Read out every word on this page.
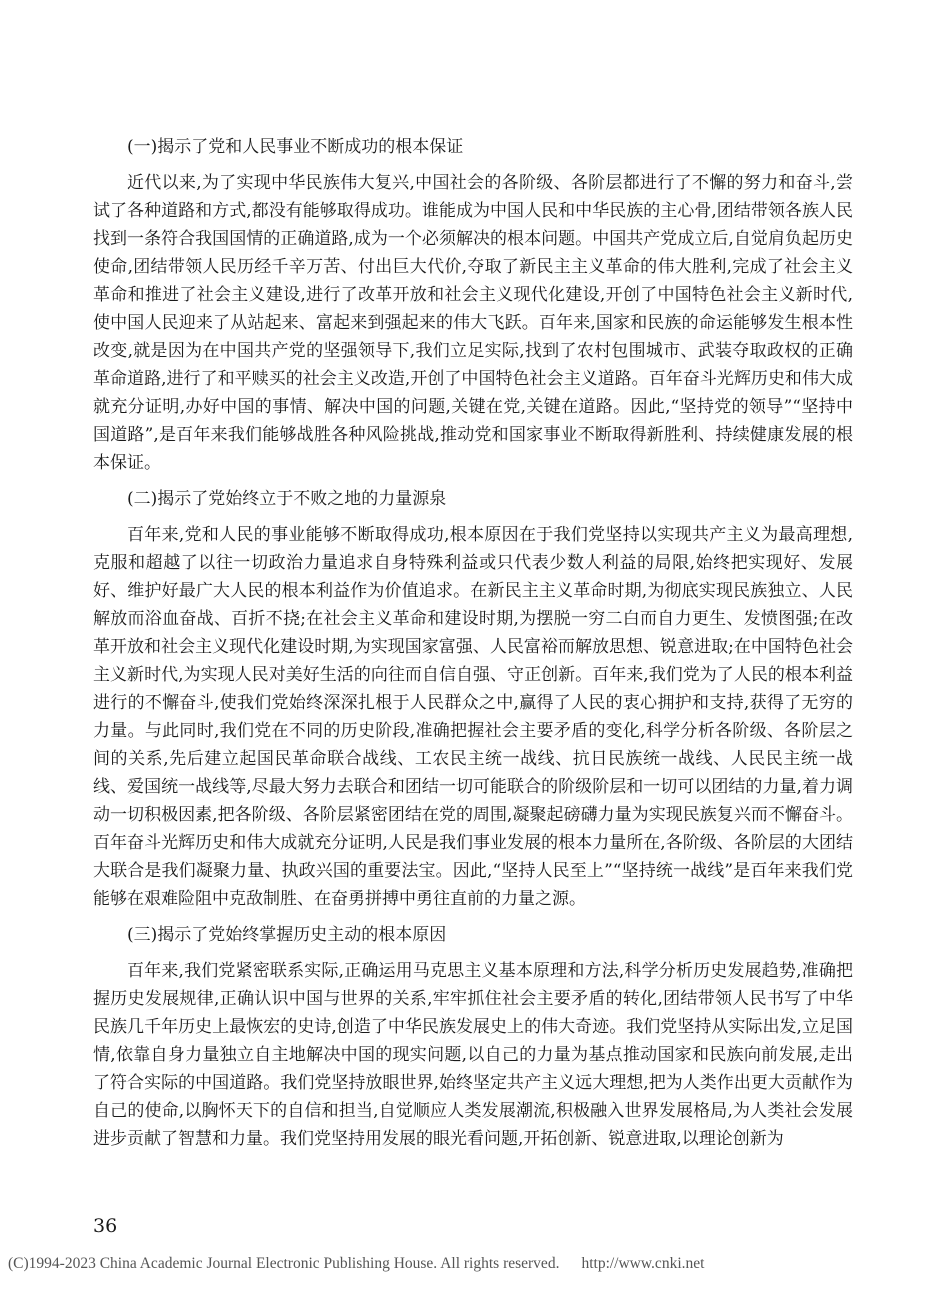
(一)揭示了党和人民事业不断成功的根本保证

近代以来,为了实现中华民族伟大复兴,中国社会的各阶级、各阶层都进行了不懈的努力和奋斗,尝试了各种道路和方式,都没有能够取得成功。谁能成为中国人民和中华民族的主心骨,团结带领各族人民找到一条符合我国国情的正确道路,成为一个必须解决的根本问题。中国共产党成立后,自觉肩负起历史使命,团结带领人民历经千辛万苦、付出巨大代价,夺取了新民主主义革命的伟大胜利,完成了社会主义革命和推进了社会主义建设,进行了改革开放和社会主义现代化建设,开创了中国特色社会主义新时代,使中国人民迎来了从站起来、富起来到强起来的伟大飞跃。百年来,国家和民族的命运能够发生根本性改变,就是因为在中国共产党的坚强领导下,我们立足实际,找到了农村包围城市、武装夺取政权的正确革命道路,进行了和平赎买的社会主义改造,开创了中国特色社会主义道路。百年奋斗光辉历史和伟大成就充分证明,办好中国的事情、解决中国的问题,关键在党,关键在道路。因此,“坚持党的领导”“坚持中国道路”,是百年来我们能够战胜各种风险挑战,推动党和国家事业不断取得新胜利、持续健康发展的根本保证。

(二)揭示了党始终立于不败之地的力量源泉

百年来,党和人民的事业能够不断取得成功,根本原因在于我们党坚持以实现共产主义为最高理想,克服和超越了以往一切政治力量追求自身特殊利益或只代表少数人利益的局限,始终把实现好、发展好、维护好最广大人民的根本利益作为价值追求。在新民主主义革命时期,为彻底实现民族独立、人民解放而浴血奋战、百折不挠;在社会主义革命和建设时期,为摆脱一穷二白而自力更生、发愤图强;在改革开放和社会主义现代化建设时期,为实现国家富强、人民富裕而解放思想、锐意进取;在中国特色社会主义新时代,为实现人民对美好生活的向往而自信自强、守正创新。百年来,我们党为了人民的根本利益进行的不懈奋斗,使我们党始终深深扎根于人民群众之中,赢得了人民的衷心拥护和支持,获得了无穷的力量。与此同时,我们党在不同的历史阶段,准确把握社会主要矛盾的变化,科学分析各阶级、各阶层之间的关系,先后建立起国民革命联合战线、工农民主统一战线、抗日民族统一战线、人民民主统一战线、爱国统一战线等,尽最大努力去联合和团结一切可能联合的阶级阶层和一切可以团结的力量,着力调动一切积极因素,把各阶级、各阶层紧密团结在党的周围,凝聚起磅礴力量为实现民族复兴而不懈奋斗。百年奋斗光辉历史和伟大成就充分证明,人民是我们事业发展的根本力量所在,各阶级、各阶层的大团结大联合是我们凝聚力量、执政兴国的重要法宝。因此,“坚持人民至上”“坚持统一战线”是百年来我们党能够在艰难险阻中克敌制胜、在奋勇拼搏中勇往直前的力量之源。

(三)揭示了党始终掌握历史主动的根本原因

百年来,我们党紧密联系实际,正确运用马克思主义基本原理和方法,科学分析历史发展趋势,准确把握历史发展规律,正确认识中国与世界的关系,牢牢抓住社会主要矛盾的转化,团结带领人民书写了中华民族几千年历史上最恢宏的史诗,创造了中华民族发展史上的伟大奇迹。我们党坚持从实际出发,立足国情,依靠自身力量独立自主地解决中国的现实问题,以自己的力量为基点推动国家和民族向前发展,走出了符合实际的中国道路。我们党坚持放眼世界,始终坚定共产主义远大理想,把为人类作出更大贡献作为自己的使命,以胸怀天下的自信和担当,自觉顺应人类发展潮流,积极融入世界发展格局,为人类社会发展进步贡献了智慧和力量。我们党坚持用发展的眼光看问题,开拓创新、锐意进取,以理论创新为

36
(C)1994-2023 China Academic Journal Electronic Publishing House. All rights reserved. http://www.cnki.net
